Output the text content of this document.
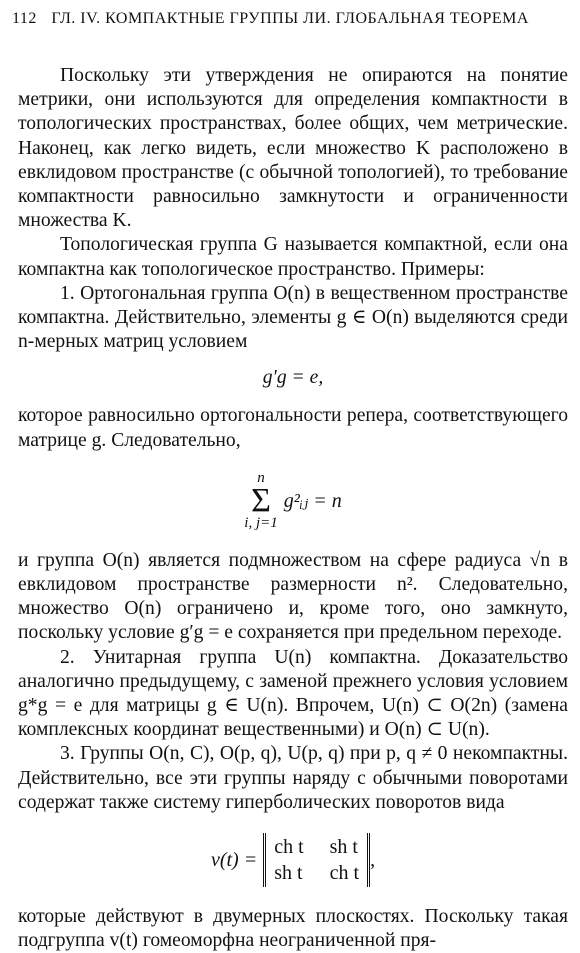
112 ГЛ. IV. КОМПАКТНЫЕ ГРУППЫ ЛИ. ГЛОБАЛЬНАЯ ТЕОРЕМА

Поскольку эти утверждения не опираются на понятие метрики, они используются для определения компактности в топологических пространствах, более общих, чем метрические. Наконец, как легко видеть, если множество K расположено в евклидовом пространстве (с обычной топологией), то требование компактности равносильно замкнутости и ограниченности множества K.

Топологическая группа G называется компактной, если она компактна как топологическое пространство. Примеры:

1. Ортогональная группа O(n) в вещественном пространстве компактна. Действительно, элементы g ∈ O(n) выделяются среди n-мерных матриц условием

g′g = e,

которое равносильно ортогональности репера, соответствующего матрице g. Следовательно,

n
Σ
i, j=1
g²ᵢⱼ = n

и группа O(n) является подмножеством на сфере радиуса √n в евклидовом пространстве размерности n². Следовательно, множество O(n) ограничено и, кроме того, оно замкнуто, поскольку условие g′g = e сохраняется при предельном переходе.

2. Унитарная группа U(n) компактна. Доказательство аналогично предыдущему, с заменой прежнего условия условием g*g = e для матрицы g ∈ U(n). Впрочем, U(n) ⊂ O(2n) (замена комплексных координат вещественными) и O(n) ⊂ U(n).

3. Группы O(n, C), O(p, q), U(p, q) при p, q ≠ 0 некомпактны. Действительно, все эти группы наряду с обычными поворотами содержат также систему гиперболических поворотов вида

v(t) =
ch t sh t
sh t ch t
,

которые действуют в двумерных плоскостях. Поскольку такая подгруппа v(t) гомеоморфна неограниченной пря-
